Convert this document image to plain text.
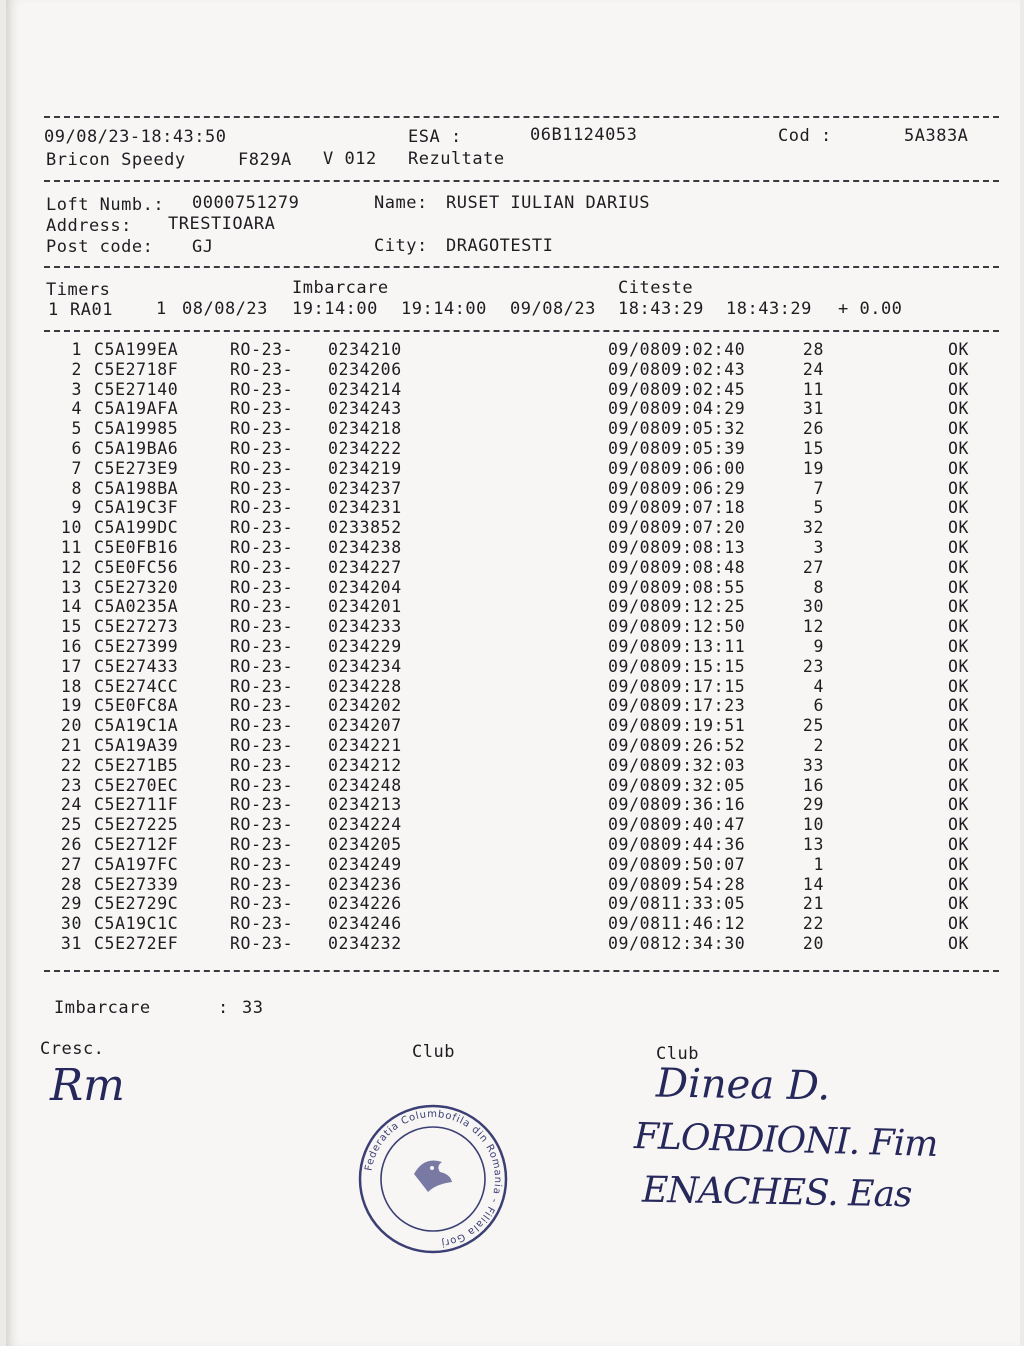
09/08/23-18:43:50	ESA :	06B1124053	Cod :	5A383A
Bricon Speedy	F829A V 012 Rezultate
Loft Numb.: 0000751279	Name: RUSET IULIAN DARIUS
Address: TRESTIOARA
Post code: GJ	City: DRAGOTESTI
Timers	Imbarcare	Citeste
1 RA01	1 08/08/23 19:14:00 19:14:00 09/08/23 18:43:29 18:43:29 + 0.00
1 C5A199EA	RO-23- 0234210	09/08 09:02:40	28	OK
2 C5E2718F	RO-23- 0234206	09/08 09:02:43	24	OK
3 C5E27140	RO-23- 0234214	09/08 09:02:45	11	OK
4 C5A19AFA	RO-23- 0234243	09/08 09:04:29	31	OK
5 C5A19985	RO-23- 0234218	09/08 09:05:32	26	OK
6 C5A19BA6	RO-23- 0234222	09/08 09:05:39	15	OK
7 C5E273E9	RO-23- 0234219	09/08 09:06:00	19	OK
8 C5A198BA	RO-23- 0234237	09/08 09:06:29	7	OK
9 C5A19C3F	RO-23- 0234231	09/08 09:07:18	5	OK
10 C5A199DC	RO-23- 0233852	09/08 09:07:20	32	OK
11 C5E0FB16	RO-23- 0234238	09/08 09:08:13	3	OK
12 C5E0FC56	RO-23- 0234227	09/08 09:08:48	27	OK
13 C5E27320	RO-23- 0234204	09/08 09:08:55	8	OK
14 C5A0235A	RO-23- 0234201	09/08 09:12:25	30	OK
15 C5E27273	RO-23- 0234233	09/08 09:12:50	12	OK
16 C5E27399	RO-23- 0234229	09/08 09:13:11	9	OK
17 C5E27433	RO-23- 0234234	09/08 09:15:15	23	OK
18 C5E274CC	RO-23- 0234228	09/08 09:17:15	4	OK
19 C5E0FC8A	RO-23- 0234202	09/08 09:17:23	6	OK
20 C5A19C1A	RO-23- 0234207	09/08 09:19:51	25	OK
21 C5A19A39	RO-23- 0234221	09/08 09:26:52	2	OK
22 C5E271B5	RO-23- 0234212	09/08 09:32:03	33	OK
23 C5E270EC	RO-23- 0234248	09/08 09:32:05	16	OK
24 C5E2711F	RO-23- 0234213	09/08 09:36:16	29	OK
25 C5E27225	RO-23- 0234224	09/08 09:40:47	10	OK
26 C5E2712F	RO-23- 0234205	09/08 09:44:36	13	OK
27 C5A197FC	RO-23- 0234249	09/08 09:50:07	1	OK
28 C5E27339	RO-23- 0234236	09/08 09:54:28	14	OK
29 C5E2729C	RO-23- 0234226	09/08 11:33:05	21	OK
30 C5A19C1C	RO-23- 0234246	09/08 11:46:12	22	OK
31 C5E272EF	RO-23- 0234232	09/08 12:34:30	20	OK
Imbarcare	: 33
Cresc.	Club	Club
Rm	Dinea D.
FLORDIONI. Fim
ENACHES. Eas
Federatia Columbofila din Romania - Filiala Gorj
